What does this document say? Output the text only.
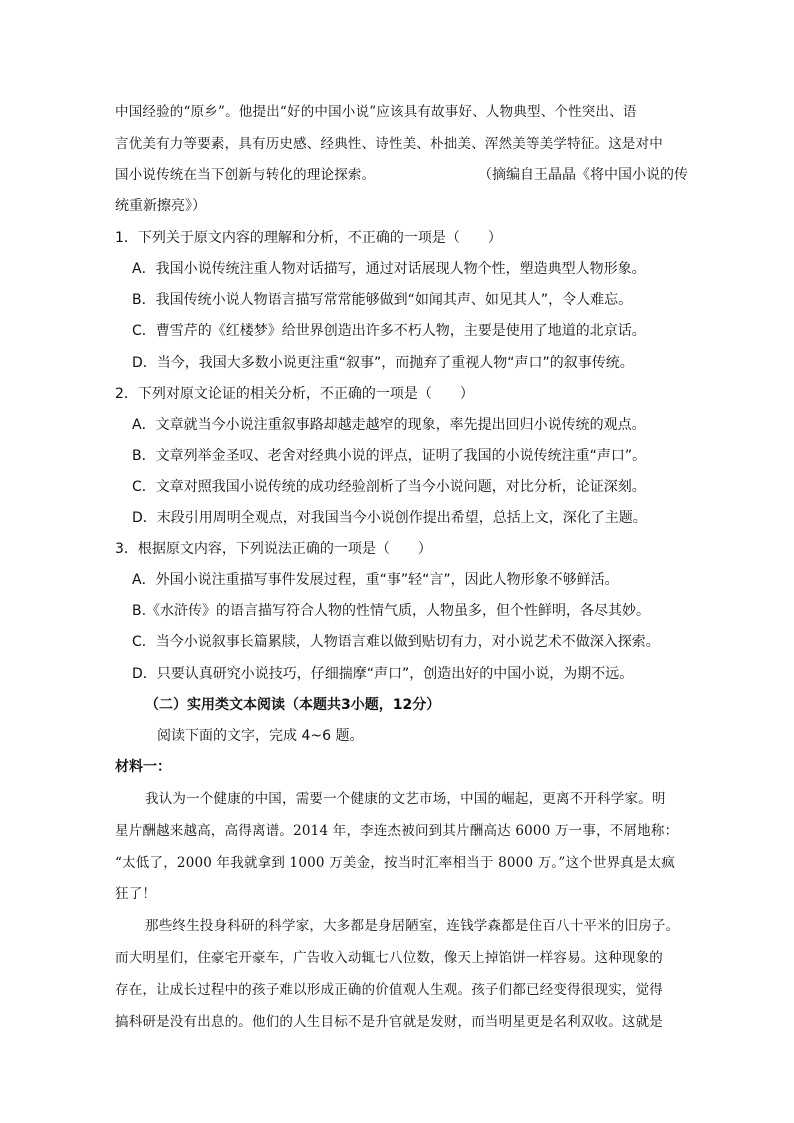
中国经验的“原乡”。他提出“好的中国小说”应该具有故事好、人物典型、个性突出、语
言优美有力等要素，具有历史感、经典性、诗性美、朴拙美、浑然美等美学特征。这是对中
国小说传统在当下创新与转化的理论探索。	（摘编自王晶晶《将中国小说的传
统重新擦亮》）
1．下列关于原文内容的理解和分析，不正确的一项是（　　）
A．我国小说传统注重人物对话描写，通过对话展现人物个性，塑造典型人物形象。
B．我国传统小说人物语言描写常常能够做到“如闻其声、如见其人”，令人难忘。
C．曹雪芹的《红楼梦》给世界创造出许多不朽人物，主要是使用了地道的北京话。
D．当今，我国大多数小说更注重“叙事”，而抛弃了重视人物“声口”的叙事传统。
2．下列对原文论证的相关分析，不正确的一项是（　　）
A．文章就当今小说注重叙事路却越走越窄的现象，率先提出回归小说传统的观点。
B．文章列举金圣叹、老舍对经典小说的评点，证明了我国的小说传统注重“声口”。
C．文章对照我国小说传统的成功经验剖析了当今小说问题，对比分析，论证深刻。
D．末段引用周明全观点，对我国当今小说创作提出希望，总括上文，深化了主题。
3．根据原文内容，下列说法正确的一项是（　　）
A．外国小说注重描写事件发展过程，重“事”轻“言”，因此人物形象不够鲜活。
B.《水浒传》的语言描写符合人物的性情气质，人物虽多，但个性鲜明，各尽其妙。
C．当今小说叙事长篇累牍，人物语言难以做到贴切有力，对小说艺术不做深入探索。
D．只要认真研究小说技巧，仔细揣摩“声口”，创造出好的中国小说，为期不远。
（二）实用类文本阅读（本题共3小题，12分）
阅读下面的文字，完成 4~6 题。
材料一：
我认为一个健康的中国，需要一个健康的文艺市场，中国的崛起，更离不开科学家。明
星片酬越来越高，高得离谱。2014 年，李连杰被问到其片酬高达 6000 万一事，不屑地称：
“太低了，2000 年我就拿到 1000 万美金，按当时汇率相当于 8000 万。”这个世界真是太疯
狂了！
那些终生投身科研的科学家，大多都是身居陋室，连钱学森都是住百八十平米的旧房子。
而大明星们，住豪宅开豪车，广告收入动辄七八位数，像天上掉馅饼一样容易。这种现象的
存在，让成长过程中的孩子难以形成正确的价值观人生观。孩子们都已经变得很现实，觉得
搞科研是没有出息的。他们的人生目标不是升官就是发财，而当明星更是名利双收。这就是
